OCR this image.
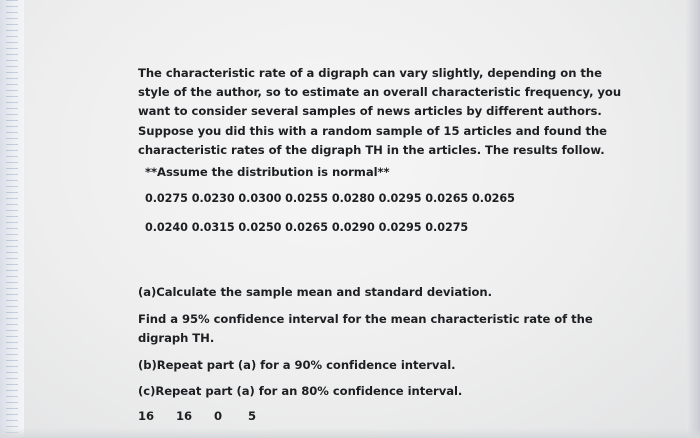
The characteristic rate of a digraph can vary slightly, depending on the style of the author, so to estimate an overall characteristic frequency, you want to consider several samples of news articles by different authors. Suppose you did this with a random sample of 15 articles and found the characteristic rates of the digraph TH in the articles. The results follow.

**Assume the distribution is normal**

0.0275 0.0230 0.0300 0.0255 0.0280 0.0295 0.0265 0.0265

0.0240 0.0315 0.0250 0.0265 0.0290 0.0295 0.0275

(a)Calculate the sample mean and standard deviation.

Find a 95% confidence interval for the mean characteristic rate of the digraph TH.

(b)Repeat part (a) for a 90% confidence interval.

(c)Repeat part (a) for an 80% confidence interval.

16	16	0	5
